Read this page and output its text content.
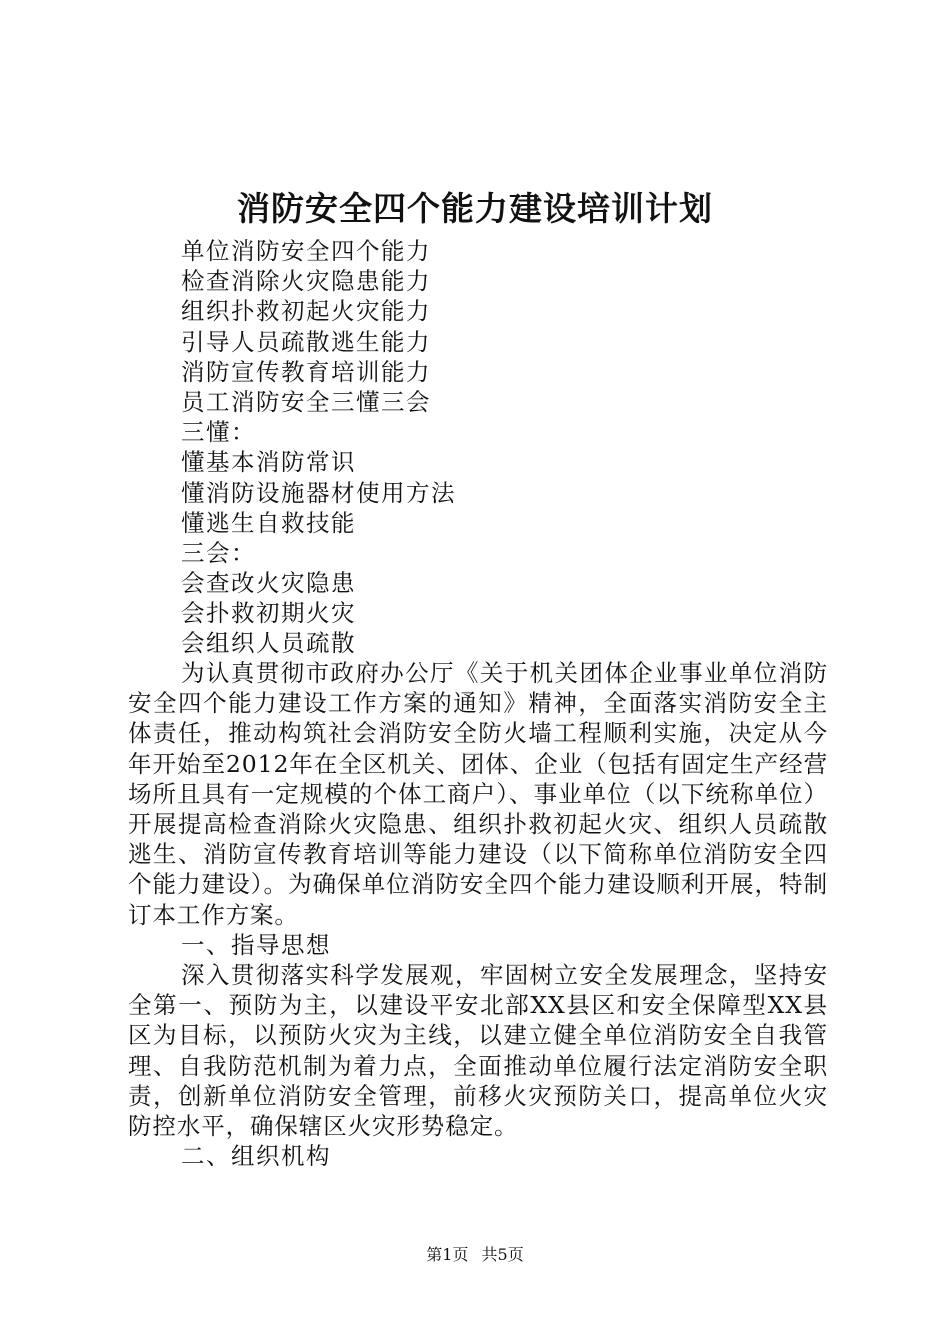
消防安全四个能力建设培训计划
单位消防安全四个能力
检查消除火灾隐患能力
组织扑救初起火灾能力
引导人员疏散逃生能力
消防宣传教育培训能力
员工消防安全三懂三会
三懂：
懂基本消防常识
懂消防设施器材使用方法
懂逃生自救技能
三会：
会查改火灾隐患
会扑救初期火灾
会组织人员疏散

为认真贯彻市政府办公厅《关于机关团体企业事业单位消防安全四个能力建设工作方案的通知》精神，全面落实消防安全主体责任，推动构筑社会消防安全防火墙工程顺利实施，决定从今年开始至2012年在全区机关、团体、企业（包括有固定生产经营场所且具有一定规模的个体工商户）、事业单位（以下统称单位）开展提高检查消除火灾隐患、组织扑救初起火灾、组织人员疏散逃生、消防宣传教育培训等能力建设（以下简称单位消防安全四个能力建设）。为确保单位消防安全四个能力建设顺利开展，特制订本工作方案。

一、指导思想

深入贯彻落实科学发展观，牢固树立安全发展理念，坚持安全第一、预防为主，以建设平安北部XX县区和安全保障型XX县区为目标，以预防火灾为主线，以建立健全单位消防安全自我管理、自我防范机制为着力点，全面推动单位履行法定消防安全职责，创新单位消防安全管理，前移火灾预防关口，提高单位火灾防控水平，确保辖区火灾形势稳定。

二、组织机构

第1页 共5页
